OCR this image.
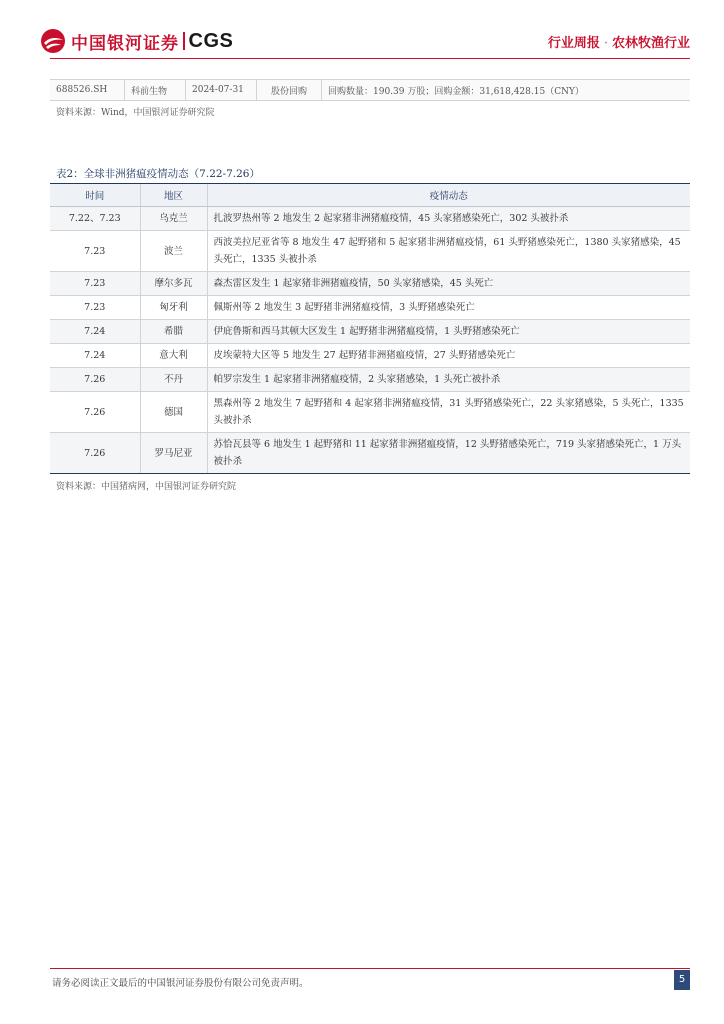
中国银河证券 CGS	行业周报 · 农林牧渔行业
688526.SH	科前生物	2024-07-31	股份回购	回购数量：190.39 万股；回购金额：31,618,428.15（CNY）
资料来源：Wind，中国银河证券研究院
表2：全球非洲猪瘟疫情动态（7.22-7.26）
时间	地区	疫情动态
7.22、7.23	乌克兰	扎波罗热州等 2 地发生 2 起家猪非洲猪瘟疫情，45 头家猪感染死亡，302 头被扑杀
7.23	波兰	西波美拉尼亚省等 8 地发生 47 起野猪和 5 起家猪非洲猪瘟疫情，61 头野猪感染死亡，1380 头家猪感染，45 头死亡，1335 头被扑杀
7.23	摩尔多瓦	森杰雷区发生 1 起家猪非洲猪瘟疫情，50 头家猪感染，45 头死亡
7.23	匈牙利	佩斯州等 2 地发生 3 起野猪非洲猪瘟疫情，3 头野猪感染死亡
7.24	希腊	伊庇鲁斯和西马其顿大区发生 1 起野猪非洲猪瘟疫情，1 头野猪感染死亡
7.24	意大利	皮埃蒙特大区等 5 地发生 27 起野猪非洲猪瘟疫情，27 头野猪感染死亡
7.26	不丹	帕罗宗发生 1 起家猪非洲猪瘟疫情，2 头家猪感染，1 头死亡被扑杀
7.26	德国	黑森州等 2 地发生 7 起野猪和 4 起家猪非洲猪瘟疫情，31 头野猪感染死亡，22 头家猪感染，5 头死亡，1335 头被扑杀
7.26	罗马尼亚	苏恰瓦县等 6 地发生 1 起野猪和 11 起家猪非洲猪瘟疫情，12 头野猪感染死亡，719 头家猪感染死亡，1 万头被扑杀
资料来源：中国猪病网，中国银河证券研究院
请务必阅读正文最后的中国银河证券股份有限公司免责声明。	5
